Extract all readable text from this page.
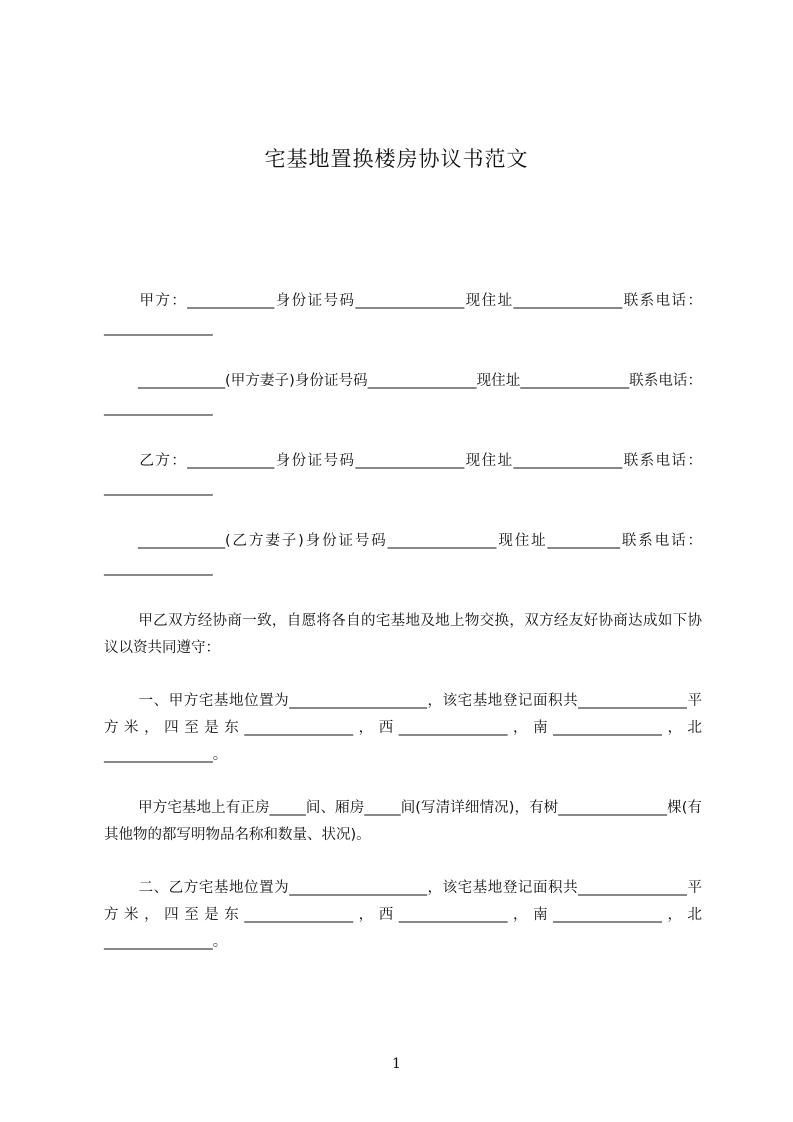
宅基地置换楼房协议书范文

甲方：____________身份证号码_______________现住址_______________联系电话：_______________

____________(甲方妻子)身份证号码_______________现住址_______________联系电话：_______________

乙方：____________身份证号码_______________现住址_______________联系电话：_______________

____________(乙方妻子)身份证号码_______________现住址__________联系电话：_______________

甲乙双方经协商一致，自愿将各自的宅基地及地上物交换，双方经友好协商达成如下协议以资共同遵守：

一、甲方宅基地位置为___________________，该宅基地登记面积共_______________平方米，四至是东_______________，西_______________，南_______________，北_______________。

甲方宅基地上有正房_____间、厢房_____间(写清详细情况)，有树_______________棵(有其他物的都写明物品名称和数量、状况)。

二、乙方宅基地位置为___________________，该宅基地登记面积共_______________平方米，四至是东_______________，西_______________，南_______________，北_______________。

1
